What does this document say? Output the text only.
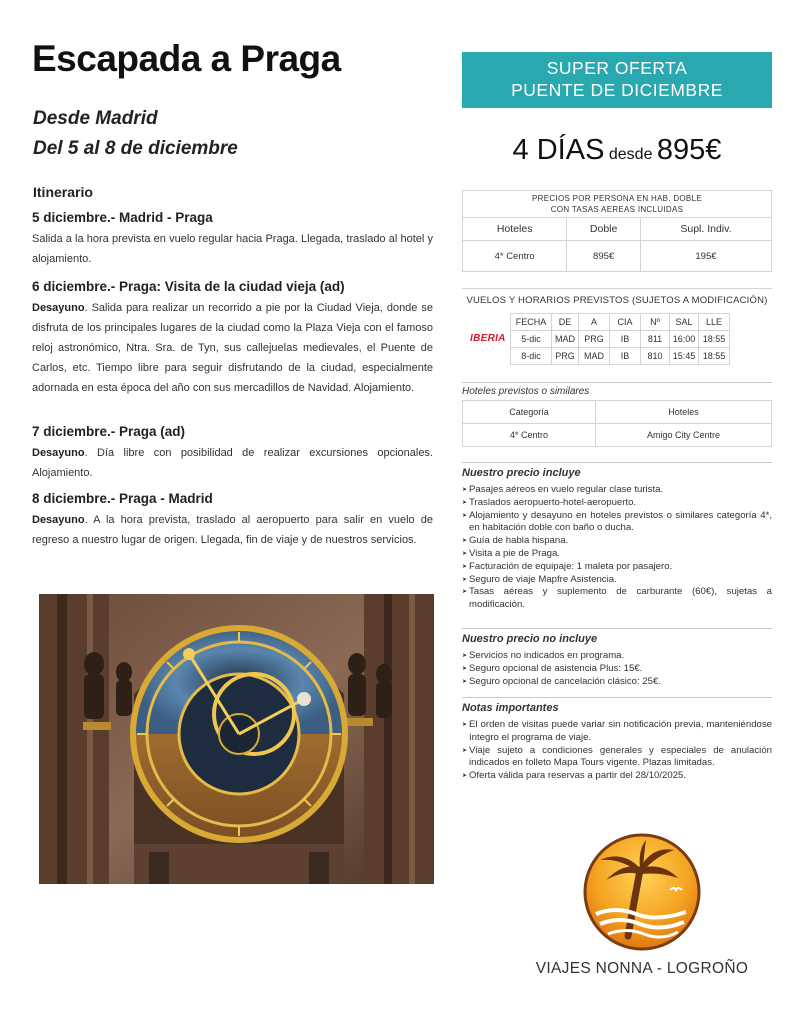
Escapada a Praga
Desde Madrid
Del 5 al 8 de diciembre
Itinerario

5 diciembre.- Madrid - Praga

Salida a la hora prevista en vuelo regular hacia Praga. Llegada, traslado al hotel y alojamiento.

6 diciembre.- Praga: Visita de la ciudad vieja (ad)

Desayuno. Salida para realizar un recorrido a pie por la Ciudad Vieja, donde se disfruta de los principales lugares de la ciudad como la Plaza Vieja con el famoso reloj astronómico, Ntra. Sra. de Tyn, sus callejuelas medievales, el Puente de Carlos, etc. Tiempo libre para seguir disfrutando de la ciudad, especialmente adornada en esta época del año con sus mercadillos de Navidad. Alojamiento.

7 diciembre.- Praga (ad)

Desayuno. Día libre con posibilidad de realizar excursiones opcionales. Alojamiento.

8 diciembre.- Praga - Madrid

Desayuno. A la hora prevista, traslado al aeropuerto para salir en vuelo de regreso a nuestro lugar de origen. Llegada, fin de viaje y de nuestros servicios.

SUPER OFERTA
PUENTE DE DICIEMBRE
4 DÍAS desde 895€
PRECIOS POR PERSONA EN HAB. DOBLE
CON TASAS AEREAS INCLUIDAS		

Hoteles	Doble	Supl. Indiv.
4* Centro	895€	195€
VUELOS Y HORARIOS PREVISTOS (SUJETOS A MODIFICACIÓN)
IBERIA
FECHA	DE	A	CIA	Nº	SAL	LLE
5-dic	MAD	PRG	IB	811	16:00	18:55
8-dic	PRG	MAD	IB	810	15:45	18:55
Hoteles previstos o similares
Categoría	Hoteles
4* Centro	Amigo City Centre
Nuestro precio incluye
➤ Pasajes aéreos en vuelo regular clase turista.
➤ Traslados aeropuerto-hotel-aeropuerto.
➤ Alojamiento y desayuno en hoteles previstos o similares categoría 4*, en habitación doble con baño o ducha.
➤ Guía de habla hispana.
➤ Visita a pie de Praga.
➤ Facturación de equipaje: 1 maleta por pasajero.
➤ Seguro de viaje Mapfre Asistencia.
➤ Tasas aéreas y suplemento de carburante (60€), sujetas a modificación.
Nuestro precio no incluye
➤ Servicios no indicados en programa.
➤ Seguro opcional de asistencia Plus: 15€.
➤ Seguro opcional de cancelación clásico: 25€.
Notas importantes
➤ El orden de visitas puede variar sin notificación previa, manteniéndose íntegro el programa de viaje.
➤ Viaje sujeto a condiciones generales y especiales de anulación indicados en folleto Mapa Tours vigente. Plazas limitadas.
➤ Oferta válida para reservas a partir del 28/10/2025.
VIAJES NONNA - LOGROÑO
